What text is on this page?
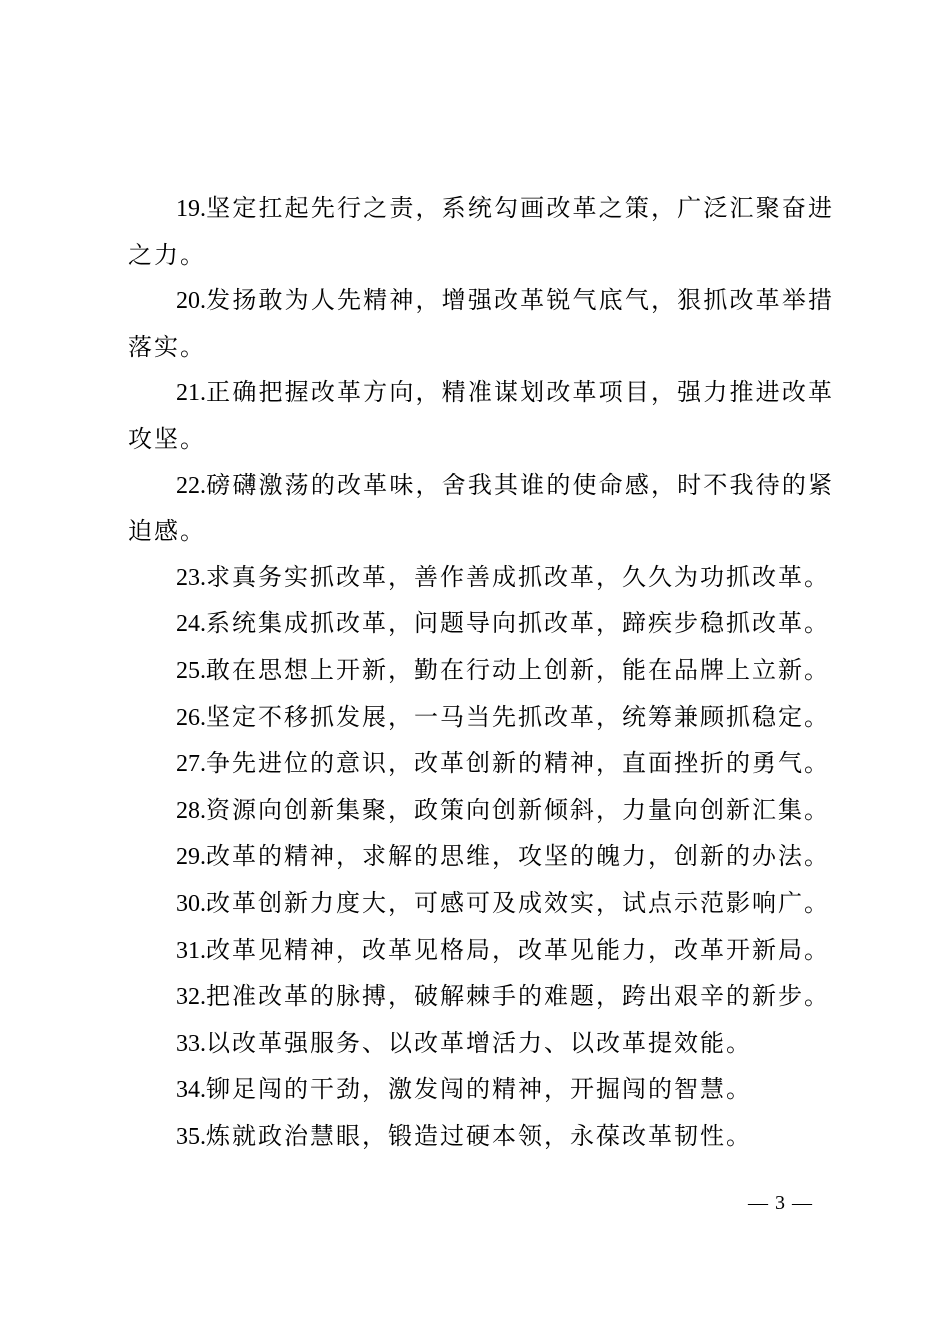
19.坚定扛起先行之责，系统勾画改革之策，广泛汇聚奋进之力。

20.发扬敢为人先精神，增强改革锐气底气，狠抓改革举措落实。

21.正确把握改革方向，精准谋划改革项目，强力推进改革攻坚。

22.磅礴激荡的改革味，舍我其谁的使命感，时不我待的紧迫感。

23.求真务实抓改革，善作善成抓改革，久久为功抓改革。

24.系统集成抓改革，问题导向抓改革，蹄疾步稳抓改革。

25.敢在思想上开新，勤在行动上创新，能在品牌上立新。

26.坚定不移抓发展，一马当先抓改革，统筹兼顾抓稳定。

27.争先进位的意识，改革创新的精神，直面挫折的勇气。

28.资源向创新集聚，政策向创新倾斜，力量向创新汇集。

29.改革的精神，求解的思维，攻坚的魄力，创新的办法。

30.改革创新力度大，可感可及成效实，试点示范影响广。

31.改革见精神，改革见格局，改革见能力，改革开新局。

32.把准改革的脉搏，破解棘手的难题，跨出艰辛的新步。

33.以改革强服务、以改革增活力、以改革提效能。

34.铆足闯的干劲，激发闯的精神，开掘闯的智慧。

35.炼就政治慧眼，锻造过硬本领，永葆改革韧性。

— 3 —
